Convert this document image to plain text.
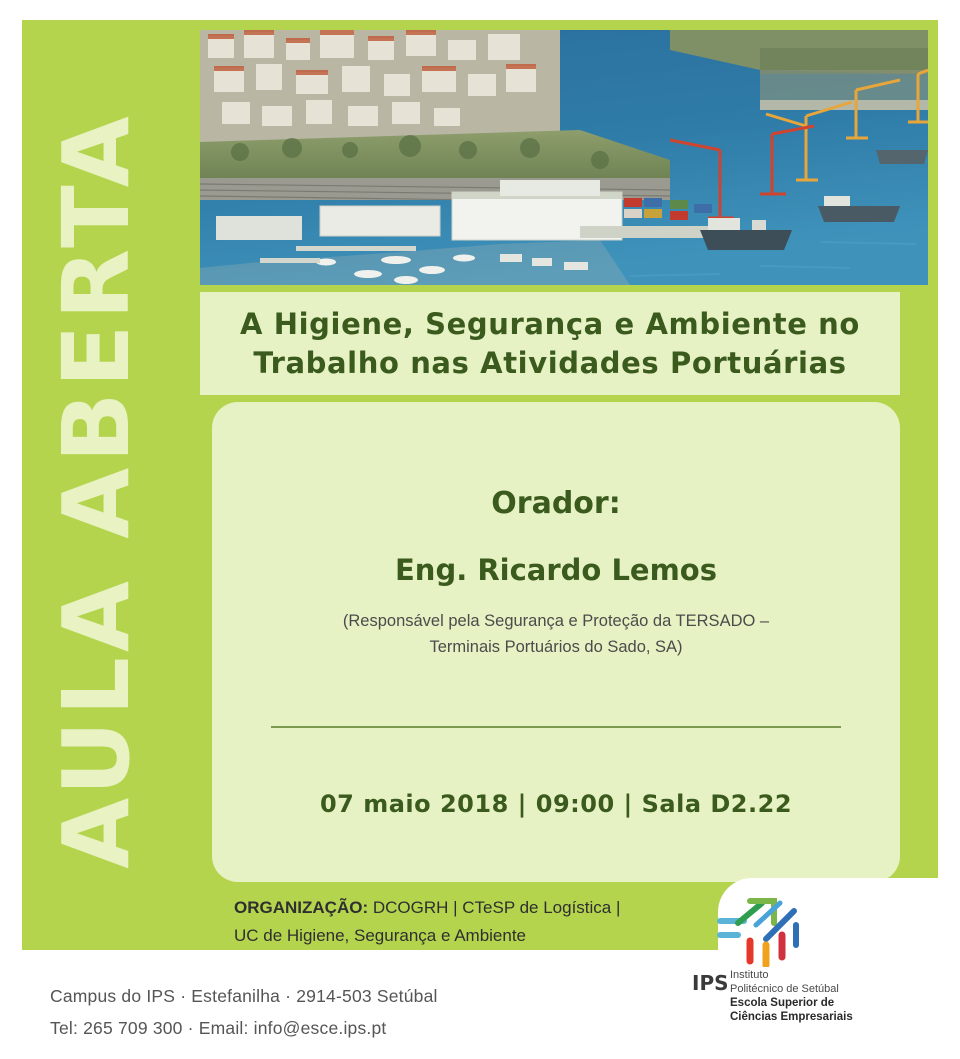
AULA ABERTA	A Higiene, Segurança e Ambiente no
Trabalho nas Atividades Portuárias
Orador:
Eng. Ricardo Lemos
(Responsável pela Segurança e Proteção da TERSADO –
Terminais Portuários do Sado, SA)
07 maio 2018 | 09:00 | Sala D2.22
ORGANIZAÇÃO: DCOGRH | CTeSP de Logística |
UC de Higiene, Segurança e Ambiente
Campus do IPS · Estefanilha · 2914-503 Setúbal
Tel: 265 709 300 · Email: info@esce.ips.pt
IPS Instituto
Politécnico de Setúbal
Escola Superior de
Ciências Empresariais
